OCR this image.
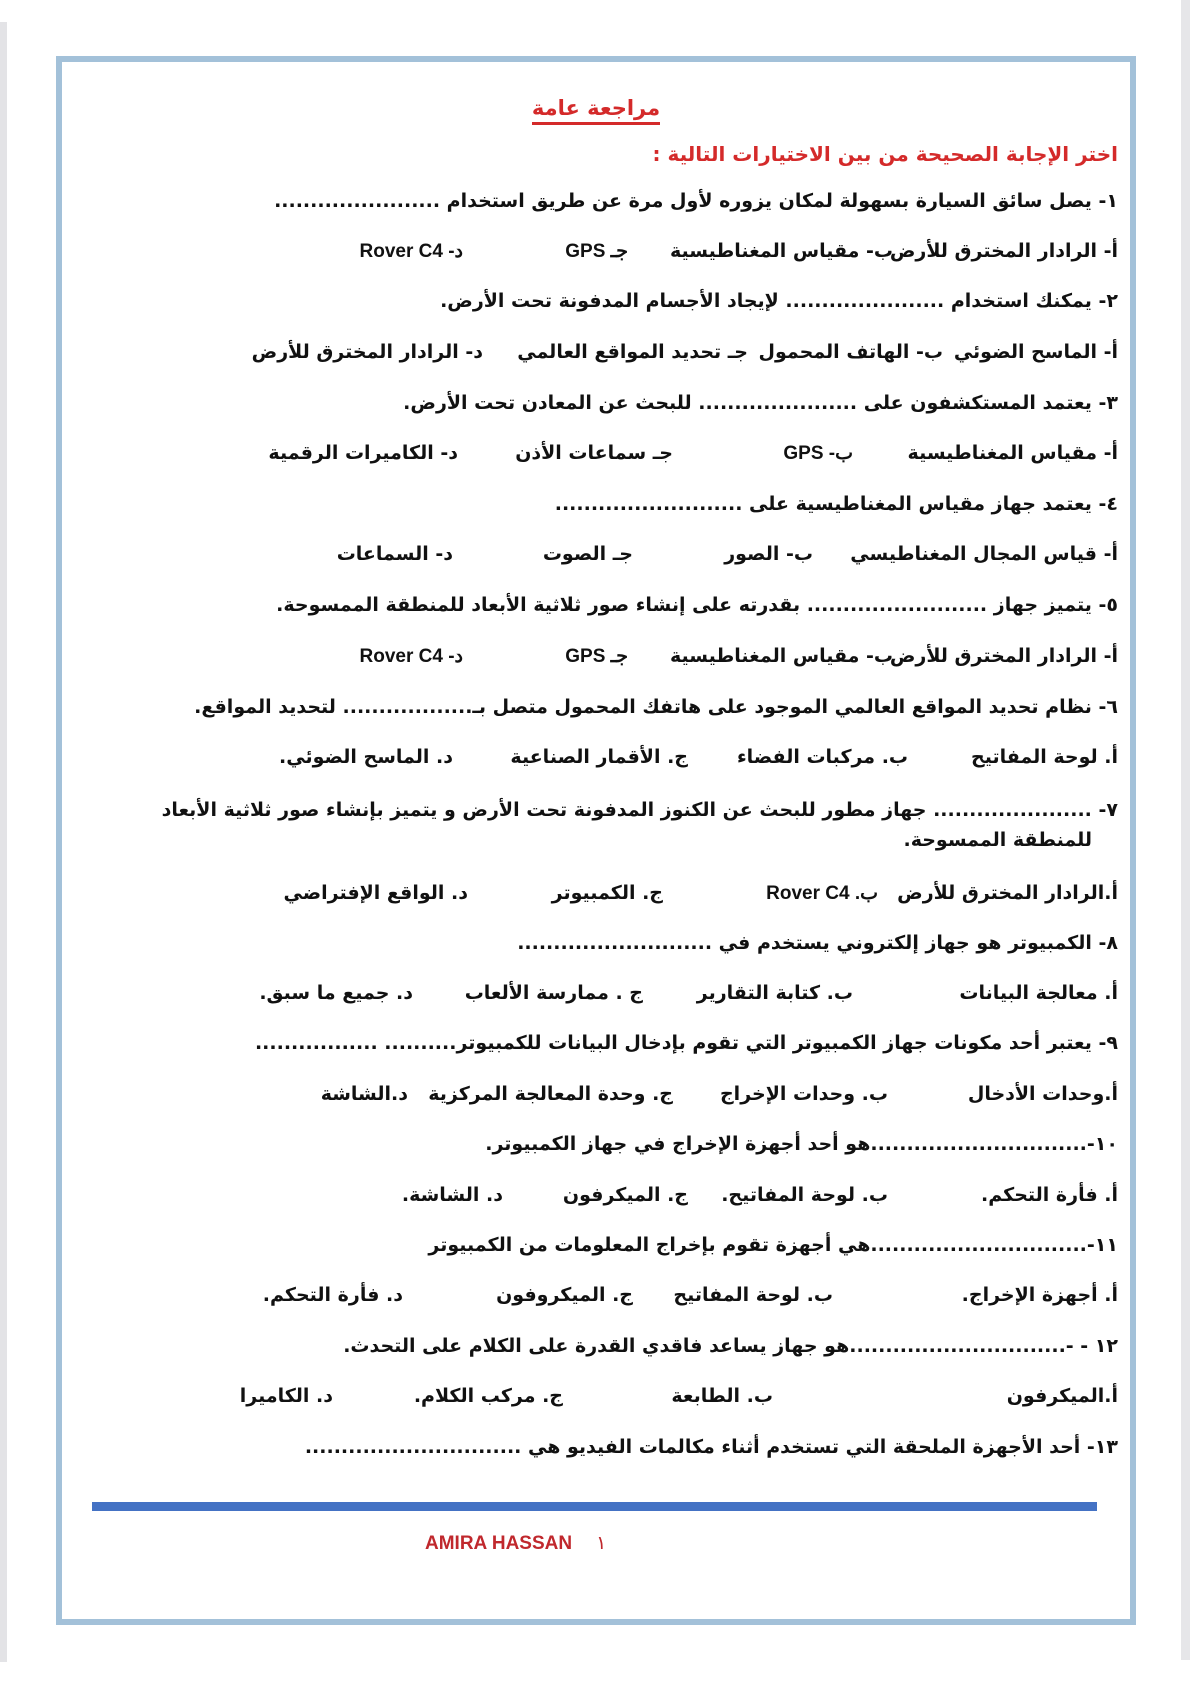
مراجعة عامة
اختر الإجابة الصحيحة من بين الاختيارات التالية :
١- يصل سائق السيارة بسهولة لمكان يزوره لأول مرة عن طريق استخدام .......................
أ- الرادار المخترق للأرض
ب- مقياس المغناطيسية
جـ GPS
د- Rover C4
٢- يمكنك استخدام ...................... لإيجاد الأجسام المدفونة تحت الأرض.
أ- الماسح الضوئي
ب- الهاتف المحمول
جـ تحديد المواقع العالمي
د- الرادار المخترق للأرض
٣- يعتمد المستكشفون على ...................... للبحث عن المعادن تحت الأرض.
أ- مقياس المغناطيسية
ب- GPS
جـ سماعات الأذن
د- الكاميرات الرقمية
٤- يعتمد جهاز مقياس المغناطيسية على ..........................
أ- قياس المجال المغناطيسي
ب- الصور
جـ الصوت
د- السماعات
٥- يتميز جهاز ......................... بقدرته على إنشاء صور ثلاثية الأبعاد للمنطقة الممسوحة.
أ- الرادار المخترق للأرض
ب- مقياس المغناطيسية
جـ GPS
د- Rover C4
٦- نظام تحديد المواقع العالمي الموجود على هاتفك المحمول متصل بـ.................. لتحديد المواقع.
أ. لوحة المفاتيح
ب. مركبات الفضاء
ج. الأقمار الصناعية
د. الماسح الضوئي.
٧- ...................... جهاز مطور للبحث عن الكنوز المدفونة تحت الأرض و يتميز بإنشاء صور ثلاثية الأبعاد
للمنطقة الممسوحة.
أ.الرادار المخترق للأرض
ب. Rover C4
ج. الكمبيوتر
د. الواقع الإفتراضي
٨- الكمبيوتر هو جهاز إلكتروني يستخدم في ...........................
أ. معالجة البيانات
ب. كتابة التقارير
ج . ممارسة الألعاب
د. جميع ما سبق.
٩- يعتبر أحد مكونات جهاز الكمبيوتر التي تقوم بإدخال البيانات للكمبيوتر.......... .................
أ.وحدات الأدخال
ب. وحدات الإخراج
ج. وحدة المعالجة المركزية
د.الشاشة
١٠-..............................هو أحد أجهزة الإخراج في جهاز الكمبيوتر.
أ. فأرة التحكم.
ب. لوحة المفاتيح.
ج. الميكرفون
د. الشاشة.
١١-..............................هي أجهزة تقوم بإخراج المعلومات من الكمبيوتر
أ. أجهزة الإخراج.
ب. لوحة المفاتيح
ج. الميكروفون
د. فأرة التحكم.
١٢ - -..............................هو جهاز يساعد فاقدي القدرة على الكلام على التحدث.
أ.الميكرفون
ب. الطابعة
ج. مركب الكلام.
د. الكاميرا
١٣- أحد الأجهزة الملحقة التي تستخدم أثناء مكالمات الفيديو هي ..............................
AMIRA HASSAN ١
